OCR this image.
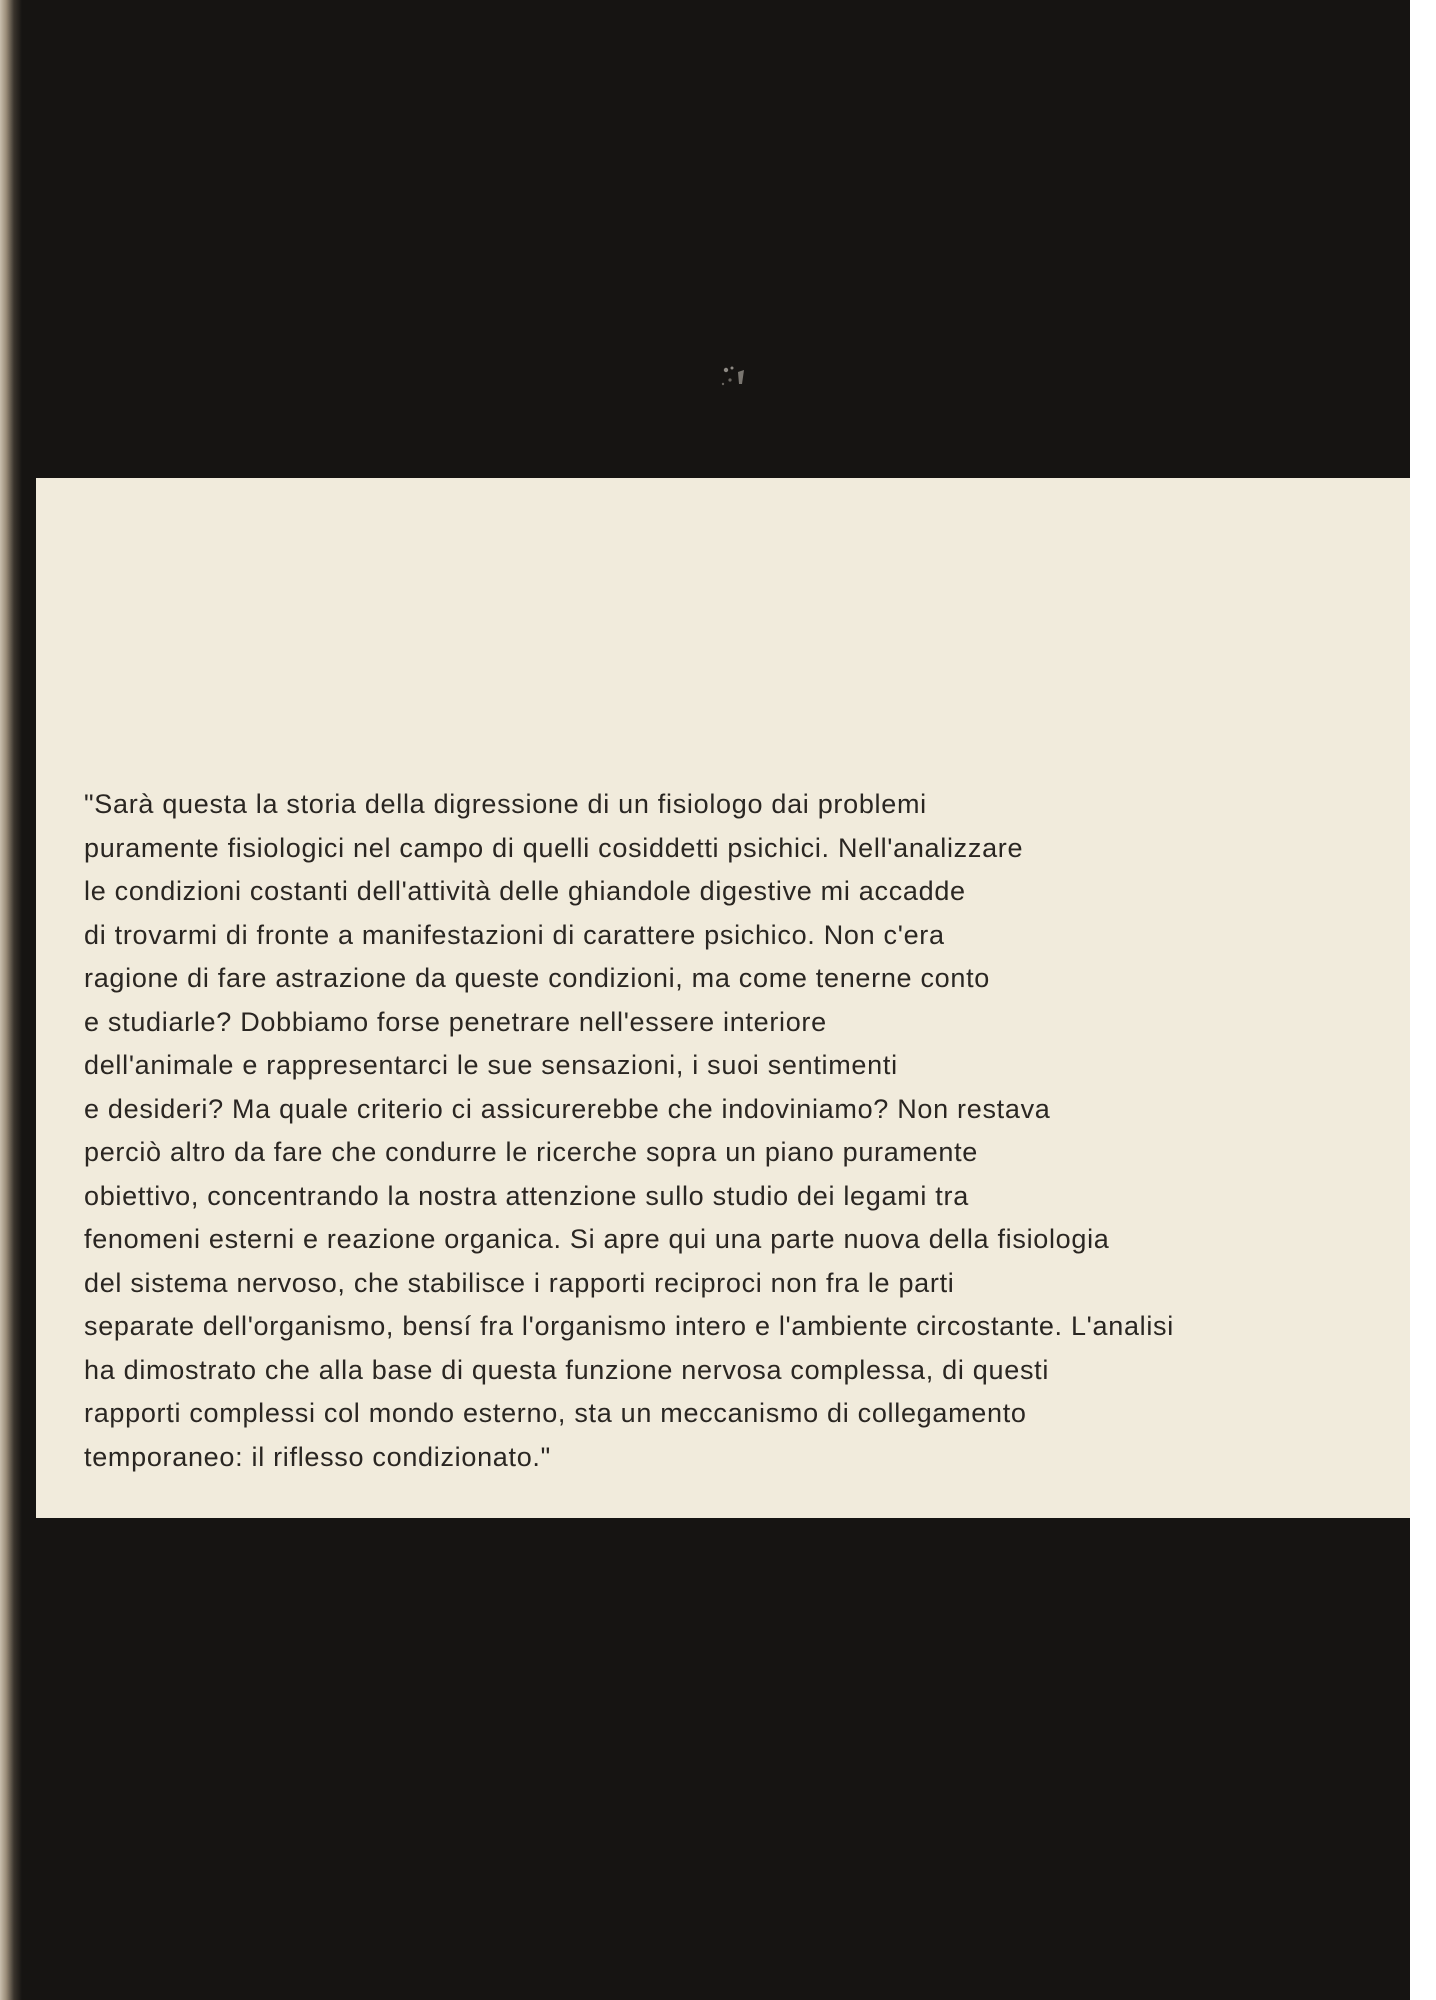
"Sarà questa la storia della digressione di un fisiologo dai problemi
puramente fisiologici nel campo di quelli cosiddetti psichici. Nell'analizzare
le condizioni costanti dell'attività delle ghiandole digestive mi accadde
di trovarmi di fronte a manifestazioni di carattere psichico. Non c'era
ragione di fare astrazione da queste condizioni, ma come tenerne conto
e studiarle? Dobbiamo forse penetrare nell'essere interiore
dell'animale e rappresentarci le sue sensazioni, i suoi sentimenti
e desideri? Ma quale criterio ci assicurerebbe che indoviniamo? Non restava
perciò altro da fare che condurre le ricerche sopra un piano puramente
obiettivo, concentrando la nostra attenzione sullo studio dei legami tra
fenomeni esterni e reazione organica. Si apre qui una parte nuova della fisiologia
del sistema nervoso, che stabilisce i rapporti reciproci non fra le parti
separate dell'organismo, bensí fra l'organismo intero e l'ambiente circostante. L'analisi
ha dimostrato che alla base di questa funzione nervosa complessa, di questi
rapporti complessi col mondo esterno, sta un meccanismo di collegamento
temporaneo: il riflesso condizionato."
